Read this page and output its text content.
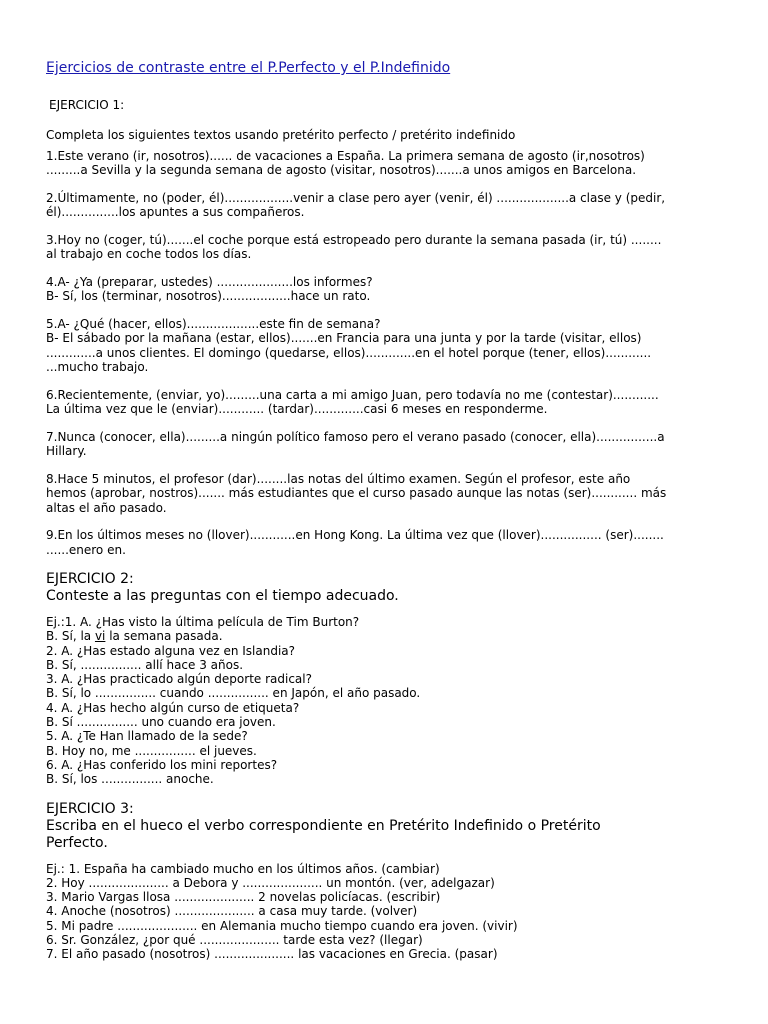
Ejercicios de contraste entre el P.Perfecto y el P.Indefinido
EJERCICIO 1:
Completa los siguientes textos usando pretérito perfecto / pretérito indefinido
1.Este verano (ir, nosotros)...... de vacaciones a España. La primera semana de agosto (ir,nosotros)
.........a Sevilla y la segunda semana de agosto (visitar, nosotros).......a unos amigos en Barcelona.
2.Últimamente, no (poder, él)..................venir a clase pero ayer (venir, él) ...................a clase y (pedir,
él)...............los apuntes a sus compañeros.
3.Hoy no (coger, tú).......el coche porque está estropeado pero durante la semana pasada (ir, tú) ........
al trabajo en coche todos los días.
4.A- ¿Ya (preparar, ustedes) ....................los informes?
B- Sí, los (terminar, nosotros)..................hace un rato.
5.A- ¿Qué (hacer, ellos)...................este fin de semana?
B- El sábado por la mañana (estar, ellos).......en Francia para una junta y por la tarde (visitar, ellos)
.............a unos clientes. El domingo (quedarse, ellos).............en el hotel porque (tener, ellos)............
...mucho trabajo.
6.Recientemente, (enviar, yo).........una carta a mi amigo Juan, pero todavía no me (contestar)............
La última vez que le (enviar)............ (tardar).............casi 6 meses en responderme.
7.Nunca (conocer, ella).........a ningún político famoso pero el verano pasado (conocer, ella)................a
Hillary.
8.Hace 5 minutos, el profesor (dar)........las notas del último examen. Según el profesor, este año
hemos (aprobar, nostros)....... más estudiantes que el curso pasado aunque las notas (ser)............ más
altas el año pasado.
9.En los últimos meses no (llover)............en Hong Kong. La última vez que (llover)................ (ser)........
......enero en.
EJERCICIO 2:
Conteste a las preguntas con el tiempo adecuado.
Ej.:1. A. ¿Has visto la última película de Tim Burton?
B. Sí, la vi la semana pasada.
2. A. ¿Has estado alguna vez en Islandia?
B. Sí, ................ allí hace 3 años.
3. A. ¿Has practicado algún deporte radical?
B. Sí, lo ................ cuando ................ en Japón, el año pasado.
4. A. ¿Has hecho algún curso de etiqueta?
B. Sí ................ uno cuando era joven.
5. A. ¿Te Han llamado de la sede?
B. Hoy no, me ................ el jueves.
6. A. ¿Has conferido los mini reportes?
B. Sí, los ................ anoche.
EJERCICIO 3:
Escriba en el hueco el verbo correspondiente en Pretérito Indefinido o Pretérito
Perfecto.
Ej.: 1. España ha cambiado mucho en los últimos años. (cambiar)
2. Hoy ..................... a Debora y ..................... un montón. (ver, adelgazar)
3. Mario Vargas llosa ..................... 2 novelas policíacas. (escribir)
4. Anoche (nosotros) ..................... a casa muy tarde. (volver)
5. Mi padre ..................... en Alemania mucho tiempo cuando era joven. (vivir)
6. Sr. González, ¿por qué ..................... tarde esta vez? (llegar)
7. El año pasado (nosotros) ..................... las vacaciones en Grecia. (pasar)
